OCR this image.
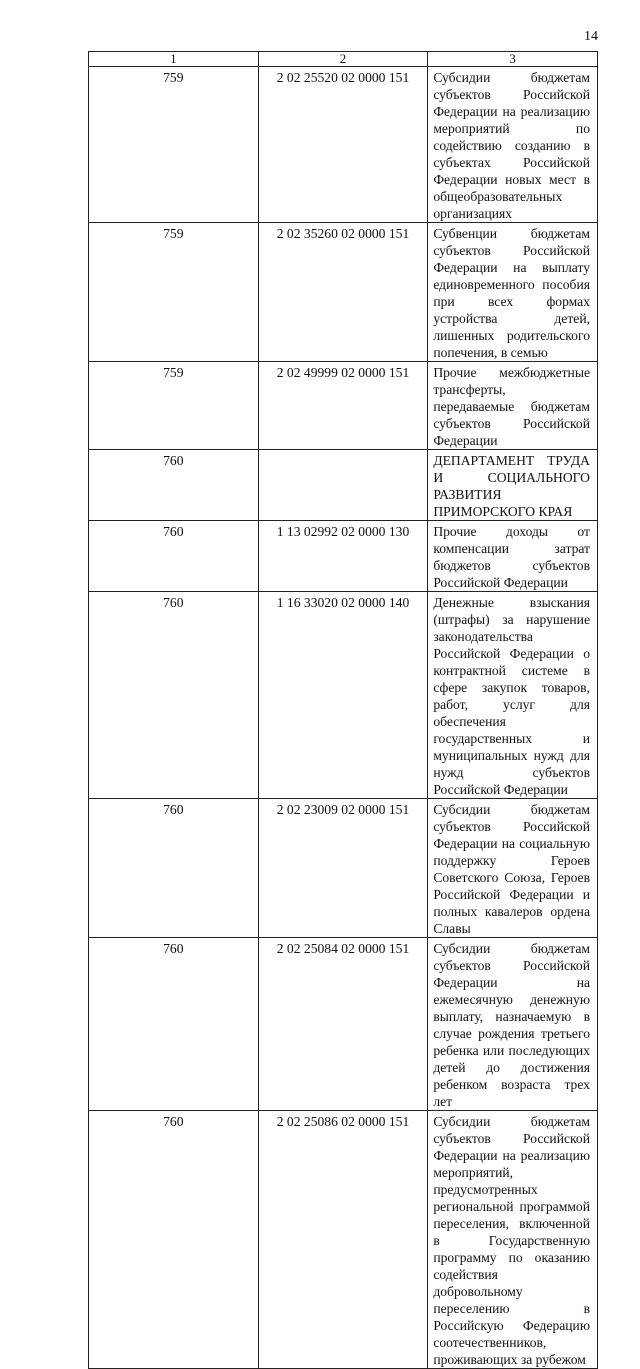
14
1	2	3
759	2 02 25520 02 0000 151	Субсидии бюджетам субъектов Российской Федерации на реализацию мероприятий по содействию созданию в субъектах Российской Федерации новых мест в общеобразовательных организациях
759	2 02 35260 02 0000 151	Субвенции бюджетам субъектов Российской Федерации на выплату единовременного пособия при всех формах устройства детей, лишенных родительского попечения, в семью
759	2 02 49999 02 0000 151	Прочие межбюджетные трансферты, передаваемые бюджетам субъектов Российской Федерации
760		ДЕПАРТАМЕНТ ТРУДА И СОЦИАЛЬНОГО РАЗВИТИЯ ПРИМОРСКОГО КРАЯ
760	1 13 02992 02 0000 130	Прочие доходы от компенсации затрат бюджетов субъектов Российской Федерации
760	1 16 33020 02 0000 140	Денежные взыскания (штрафы) за нарушение законодательства Российской Федерации о контрактной системе в сфере закупок товаров, работ, услуг для обеспечения государственных и муниципальных нужд для нужд субъектов Российской Федерации
760	2 02 23009 02 0000 151	Субсидии бюджетам субъектов Российской Федерации на социальную поддержку Героев Советского Союза, Героев Российской Федерации и полных кавалеров ордена Славы
760	2 02 25084 02 0000 151	Субсидии бюджетам субъектов Российской Федерации на ежемесячную денежную выплату, назначаемую в случае рождения третьего ребенка или последующих детей до достижения ребенком возраста трех лет
760	2 02 25086 02 0000 151	Субсидии бюджетам субъектов Российской Федерации на реализацию мероприятий, предусмотренных региональной программой переселения, включенной в Государственную программу по оказанию содействия добровольному переселению в Российскую Федерацию соотечественников, проживающих за рубежом
